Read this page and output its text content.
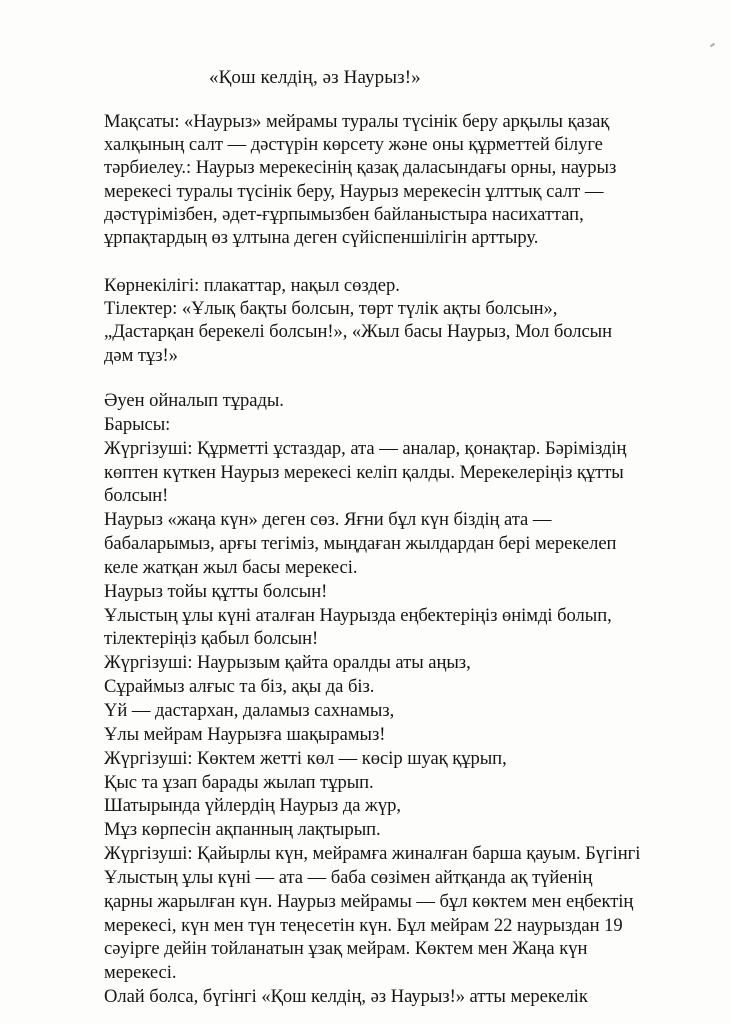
«Қош келдің, әз Наурыз!»
Мақсаты: «Наурыз» мейрамы туралы түсінік беру арқылы қазақ
халқының салт — дәстүрін көрсету және оны құрметтей білуге
тәрбиелеу.: Наурыз мерекесінің қазақ даласындағы орны, наурыз
мерекесі туралы түсінік беру, Наурыз мерекесін ұлттық салт —
дәстүрімізбен, әдет-ғұрпымызбен байланыстыра насихаттап,
ұрпақтардың өз ұлтына деген сүйіспеншілігін арттыру.
Көрнекілігі: плакаттар, нақыл сөздер.
Тілектер: «Ұлық бақты болсын, төрт түлік ақты болсын»,
„Дастарқан берекелі болсын!», «Жыл басы Наурыз, Мол болсын
дәм тұз!»
Әуен ойналып тұрады.
Барысы:
Жүргізуші: Құрметті ұстаздар, ата — аналар, қонақтар. Бәріміздің
көптен күткен Наурыз мерекесі келіп қалды. Мерекелеріңіз құтты
болсын!
Наурыз «жаңа күн» деген сөз. Яғни бұл күн біздің ата —
бабаларымыз, арғы тегіміз, мыңдаған жылдардан бері мерекелеп
келе жатқан жыл басы мерекесі.
Наурыз тойы құтты болсын!
Ұлыстың ұлы күні аталған Наурызда еңбектеріңіз өнімді болып,
тілектеріңіз қабыл болсын!
Жүргізуші: Наурызым қайта оралды аты аңыз,
Сұраймыз алғыс та біз, ақы да біз.
Үй — дастархан, даламыз сахнамыз,
Ұлы мейрам Наурызға шақырамыз!
Жүргізуші: Көктем жетті көл — көсір шуақ құрып,
Қыс та ұзап барады жылап тұрып.
Шатырында үйлердің Наурыз да жүр,
Мұз көрпесін ақпанның лақтырып.
Жүргізуші: Қайырлы күн, мейрамға жиналған барша қауым. Бүгінгі
Ұлыстың ұлы күні — ата — баба сөзімен айтқанда ақ түйенің
қарны жарылған күн. Наурыз мейрамы — бұл көктем мен еңбектің
мерекесі, күн мен түн теңесетін күн. Бұл мейрам 22 наурыздан 19
сәуірге дейін тойланатын ұзақ мейрам. Көктем мен Жаңа күн
мерекесі.
Олай болса, бүгінгі «Қош келдің, әз Наурыз!» атты мерекелік
